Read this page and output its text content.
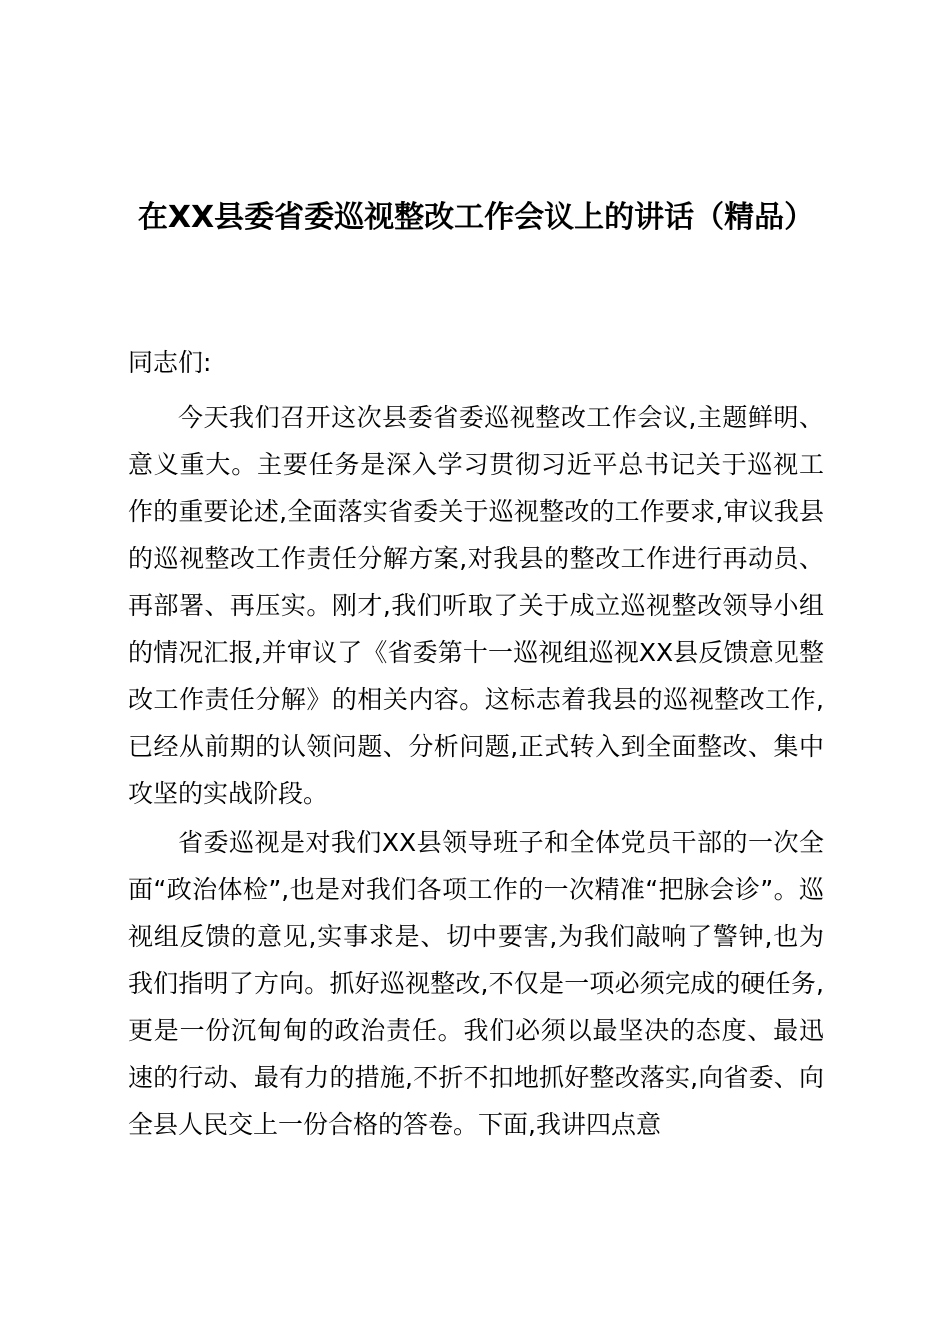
在XX县委省委巡视整改工作会议上的讲话（精品）
同志们:

今天我们召开这次县委省委巡视整改工作会议,主题鲜明、意义重大。主要任务是深入学习贯彻习近平总书记关于巡视工作的重要论述,全面落实省委关于巡视整改的工作要求,审议我县的巡视整改工作责任分解方案,对我县的整改工作进行再动员、再部署、再压实。刚才,我们听取了关于成立巡视整改领导小组的情况汇报,并审议了《省委第十一巡视组巡视XX县反馈意见整改工作责任分解》的相关内容。这标志着我县的巡视整改工作,已经从前期的认领问题、分析问题,正式转入到全面整改、集中攻坚的实战阶段。

省委巡视是对我们XX县领导班子和全体党员干部的一次全面“政治体检”,也是对我们各项工作的一次精准“把脉会诊”。巡视组反馈的意见,实事求是、切中要害,为我们敲响了警钟,也为我们指明了方向。抓好巡视整改,不仅是一项必须完成的硬任务,更是一份沉甸甸的政治责任。我们必须以最坚决的态度、最迅速的行动、最有力的措施,不折不扣地抓好整改落实,向省委、向全县人民交上一份合格的答卷。下面,我讲四点意
